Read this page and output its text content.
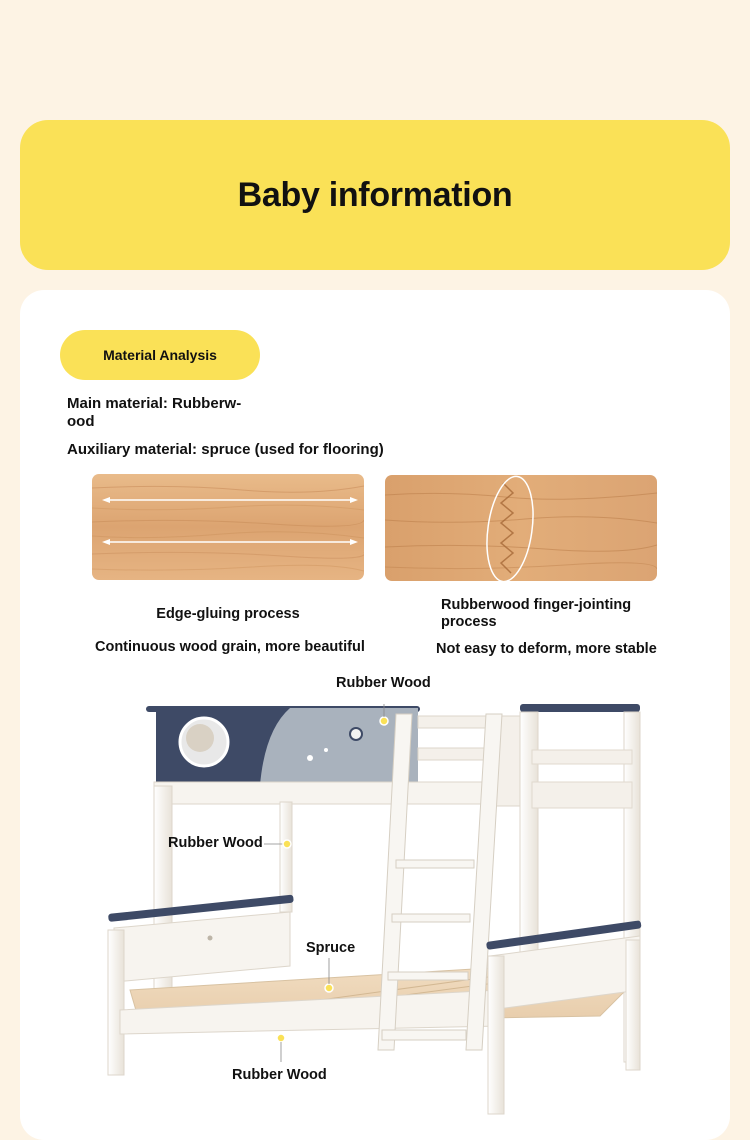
Baby information
Material Analysis
Main material: Rubberw-ood
Auxiliary material: spruce (used for flooring)
Edge-gluing process
Continuous wood grain, more beautiful
Rubberwood finger-jointing process
Not easy to deform, more stable
Rubber Wood
Rubber Wood
Spruce
Rubber Wood
